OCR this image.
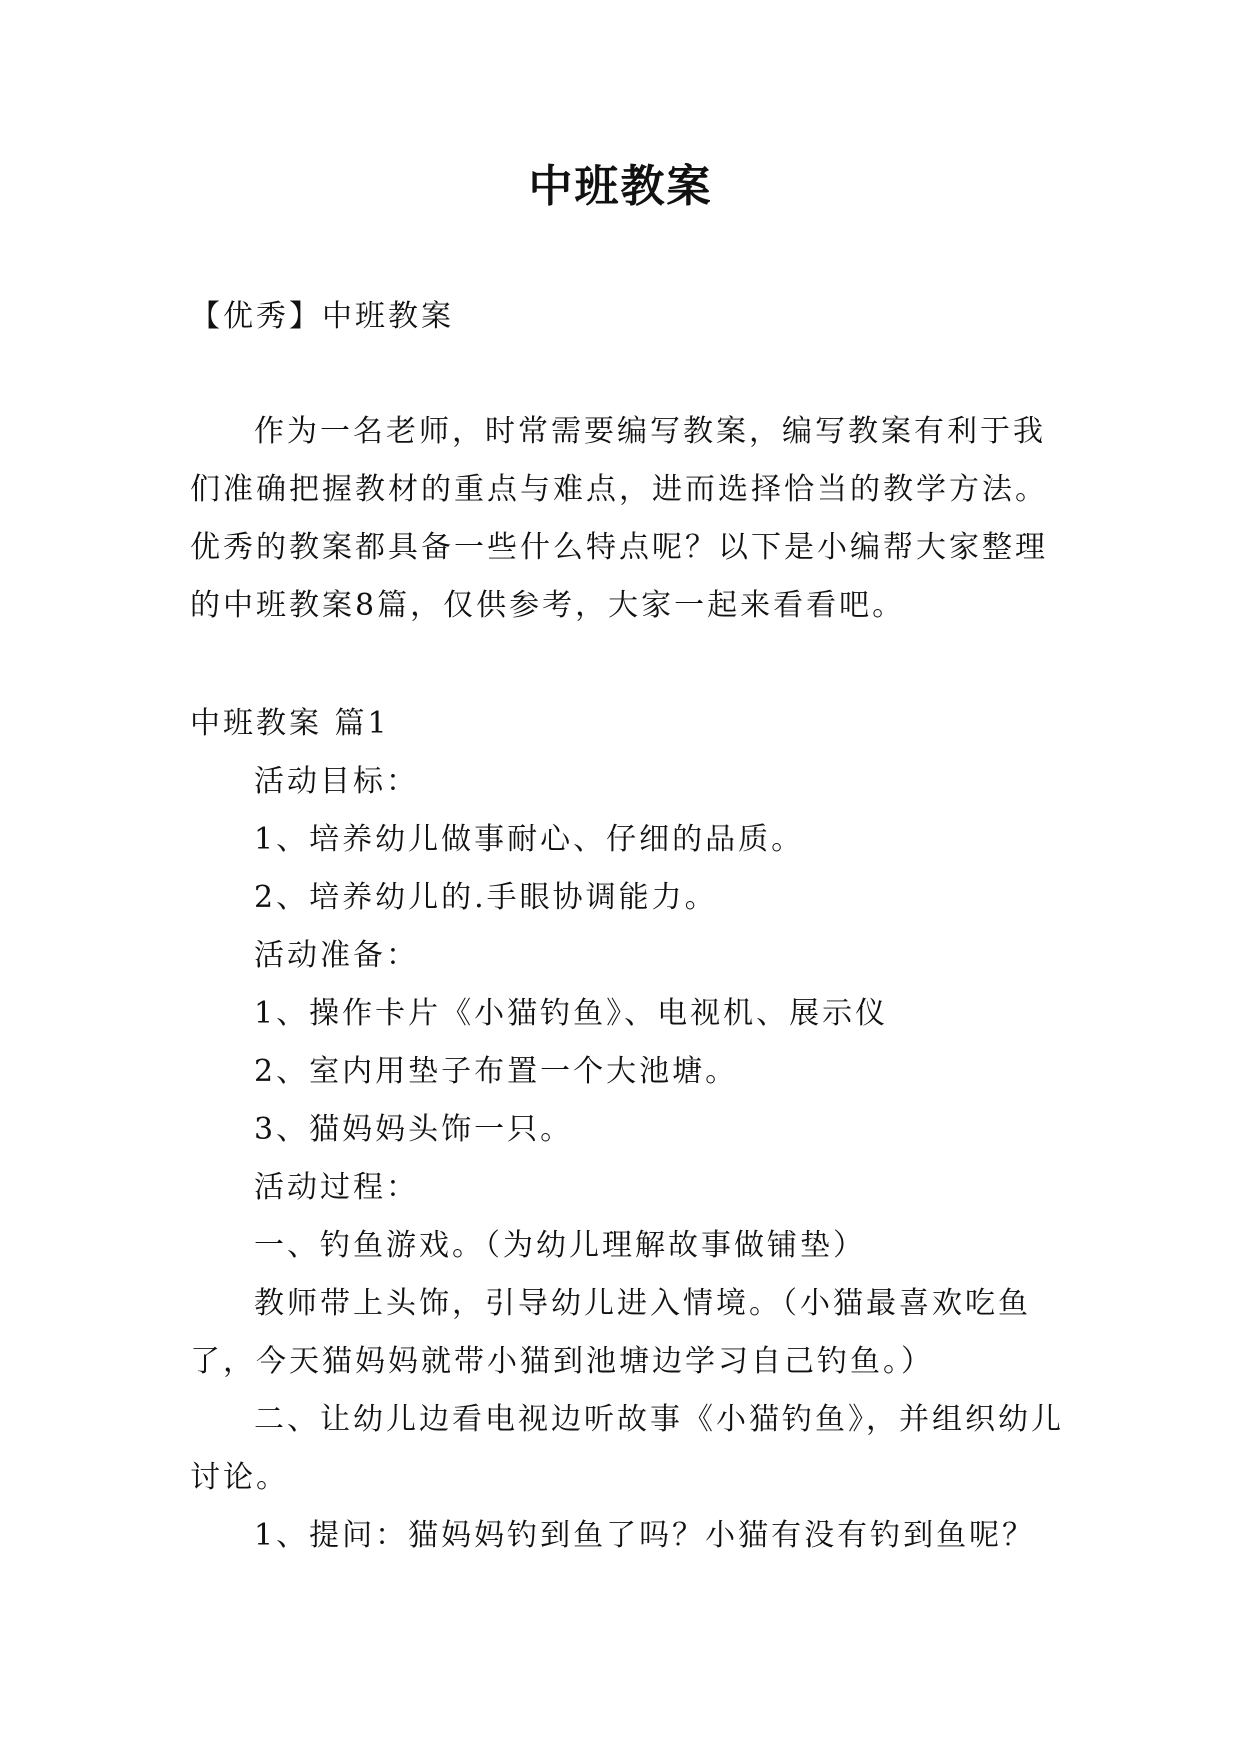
中班教案
【优秀】中班教案

作为一名老师，时常需要编写教案，编写教案有利于我们准确把握教材的重点与难点，进而选择恰当的教学方法。优秀的教案都具备一些什么特点呢？以下是小编帮大家整理的中班教案8篇，仅供参考，大家一起来看看吧。

中班教案 篇1

活动目标：

1、培养幼儿做事耐心、仔细的品质。

2、培养幼儿的.手眼协调能力。

活动准备：

1、操作卡片《小猫钓鱼》、电视机、展示仪

2、室内用垫子布置一个大池塘。

3、猫妈妈头饰一只。

活动过程：

一、钓鱼游戏。（为幼儿理解故事做铺垫）

教师带上头饰，引导幼儿进入情境。（小猫最喜欢吃鱼了，今天猫妈妈就带小猫到池塘边学习自己钓鱼。）

二、让幼儿边看电视边听故事《小猫钓鱼》，并组织幼儿讨论。

1、提问：猫妈妈钓到鱼了吗？小猫有没有钓到鱼呢？
